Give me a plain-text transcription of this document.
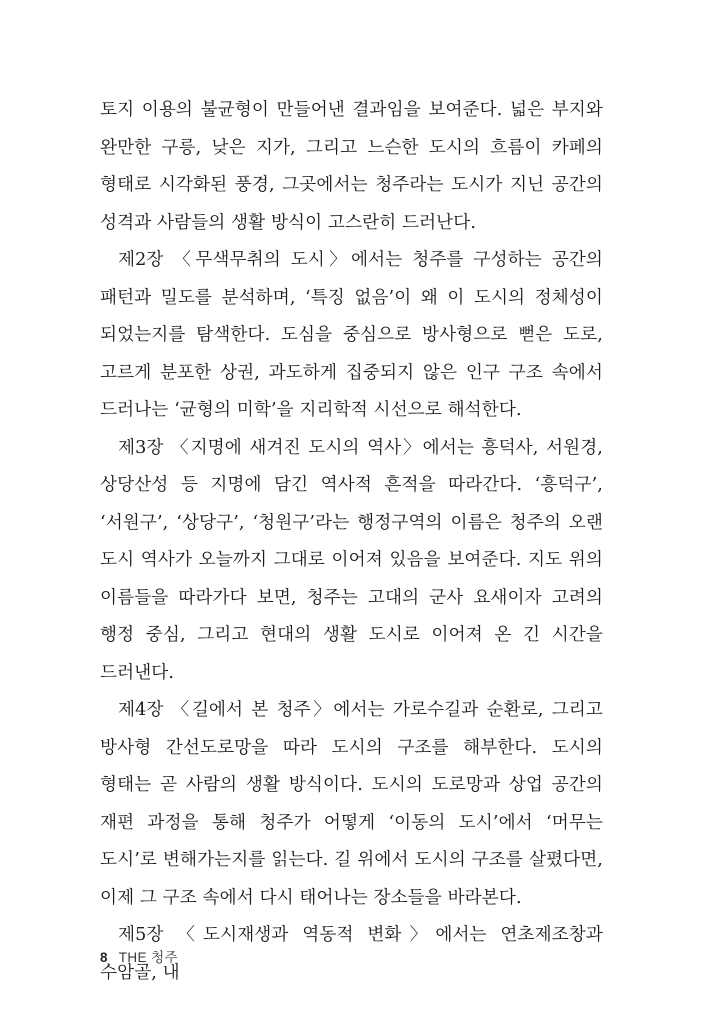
토지 이용의 불균형이 만들어낸 결과임을 보여준다. 넓은 부지와 완만한 구릉, 낮은 지가, 그리고 느슨한 도시의 흐름이 카페의 형태로 시각화된 풍경, 그곳에서는 청주라는 도시가 지닌 공간의 성격과 사람들의 생활 방식이 고스란히 드러난다.

제2장 〈무색무취의 도시〉에서는 청주를 구성하는 공간의 패턴과 밀도를 분석하며, ‘특징 없음’이 왜 이 도시의 정체성이 되었는지를 탐색한다. 도심을 중심으로 방사형으로 뻗은 도로, 고르게 분포한 상권, 과도하게 집중되지 않은 인구 구조 속에서 드러나는 ‘균형의 미학’을 지리학적 시선으로 해석한다.

제3장 〈지명에 새겨진 도시의 역사〉에서는 흥덕사, 서원경, 상당산성 등 지명에 담긴 역사적 흔적을 따라간다. ‘흥덕구’, ‘서원구’, ‘상당구’, ‘청원구’라는 행정구역의 이름은 청주의 오랜 도시 역사가 오늘까지 그대로 이어져 있음을 보여준다. 지도 위의 이름들을 따라가다 보면, 청주는 고대의 군사 요새이자 고려의 행정 중심, 그리고 현대의 생활 도시로 이어져 온 긴 시간을 드러낸다.

제4장 〈길에서 본 청주〉에서는 가로수길과 순환로, 그리고 방사형 간선도로망을 따라 도시의 구조를 해부한다. 도시의 형태는 곧 사람의 생활 방식이다. 도시의 도로망과 상업 공간의 재편 과정을 통해 청주가 어떻게 ‘이동의 도시’에서 ‘머무는 도시’로 변해가는지를 읽는다. 길 위에서 도시의 구조를 살폈다면, 이제 그 구조 속에서 다시 태어나는 장소들을 바라본다.

제5장 〈도시재생과 역동적 변화〉에서는 연초제조창과 수암골, 내

8 THE 청주
